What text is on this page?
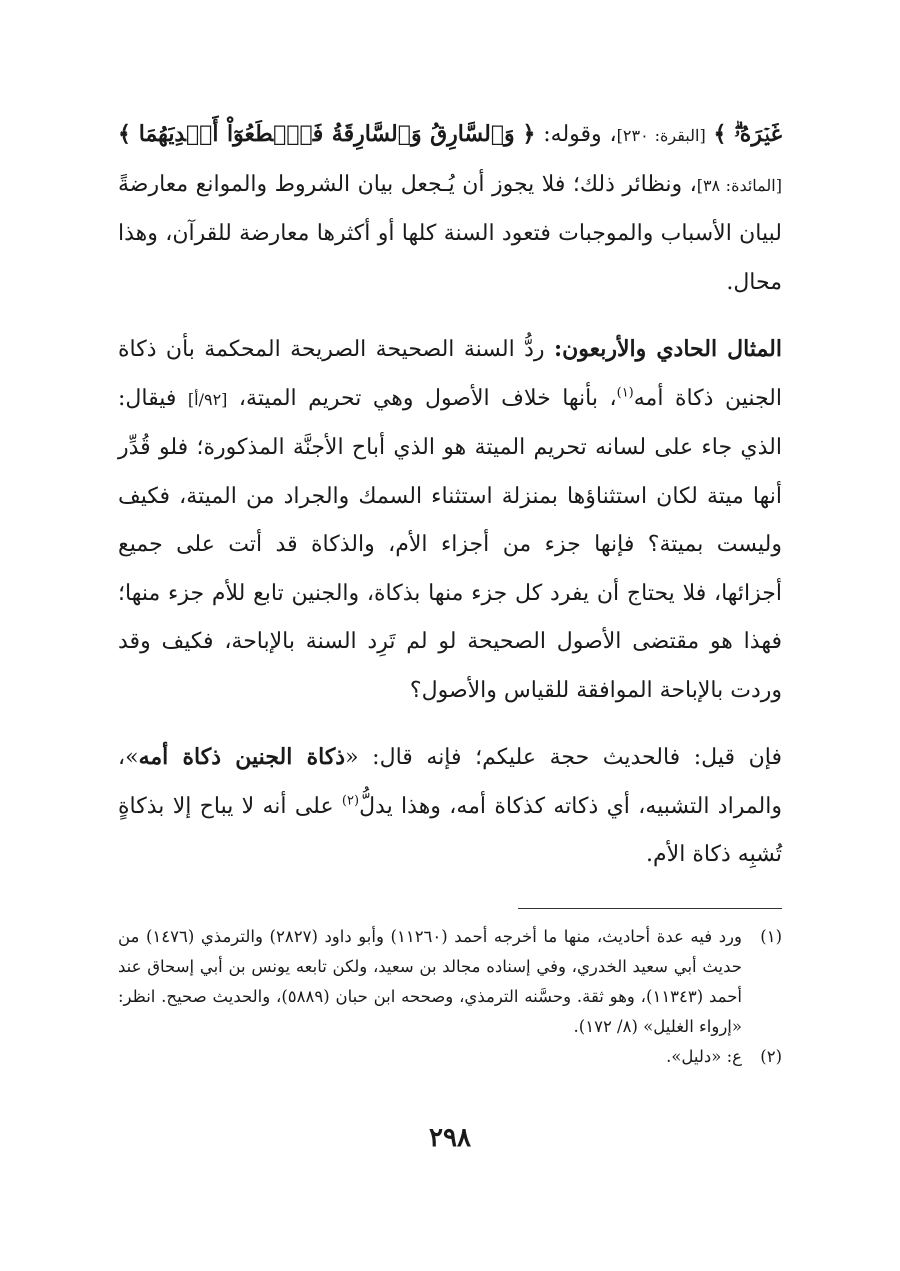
غَيۡرَهُۥۗ ﴾ [البقرة: ٢٣٠]، وقوله: ﴿ وَٱلسَّارِقُ وَٱلسَّارِقَةُ فَٱقۡطَعُوٓاْ أَيۡدِيَهُمَا ﴾ [المائدة: ٣٨]، ونظائر ذلك؛ فلا يجوز أن يُـجعل بيان الشروط والموانع معارضةً لبيان الأسباب والموجبات فتعود السنة كلها أو أكثرها معارضة للقرآن، وهذا محال.

المثال الحادي والأربعون: ردُّ السنة الصحيحة الصريحة المحكمة بأن ذكاة الجنين ذكاة أمه$^{(١)}$، بأنها خلاف الأصول وهي تحريم الميتة، [٩٢/أ] فيقال: الذي جاء على لسانه تحريم الميتة هو الذي أباح الأجنَّة المذكورة؛ فلو قُدِّر أنها ميتة لكان استثناؤها بمنزلة استثناء السمك والجراد من الميتة، فكيف وليست بميتة؟ فإنها جزء من أجزاء الأم، والذكاة قد أتت على جميع أجزائها، فلا يحتاج أن يفرد كل جزء منها بذكاة، والجنين تابع للأم جزء منها؛ فهذا هو مقتضى الأصول الصحيحة لو لم تَرِد السنة بالإباحة، فكيف وقد وردت بالإباحة الموافقة للقياس والأصول؟

فإن قيل: فالحديث حجة عليكم؛ فإنه قال: «ذكاة الجنين ذكاة أمه»، والمراد التشبيه، أي ذكاته كذكاة أمه، وهذا يدلُّ$^{(٢)}$ على أنه لا يباح إلا بذكاةٍ تُشبِه ذكاة الأم.

(١)
ورد فيه عدة أحاديث، منها ما أخرجه أحمد (١١٢٦٠) وأبو داود (٢٨٢٧) والترمذي (١٤٧٦) من حديث أبي سعيد الخدري، وفي إسناده مجالد بن سعيد، ولكن تابعه يونس بن أبي إسحاق عند أحمد (١١٣٤٣)، وهو ثقة. وحسَّنه الترمذي، وصححه ابن حبان (٥٨٨٩)، والحديث صحيح. انظر: «إرواء الغليل» (٨/ ١٧٢).
(٢)
ع: «دليل».
٢٩٨
